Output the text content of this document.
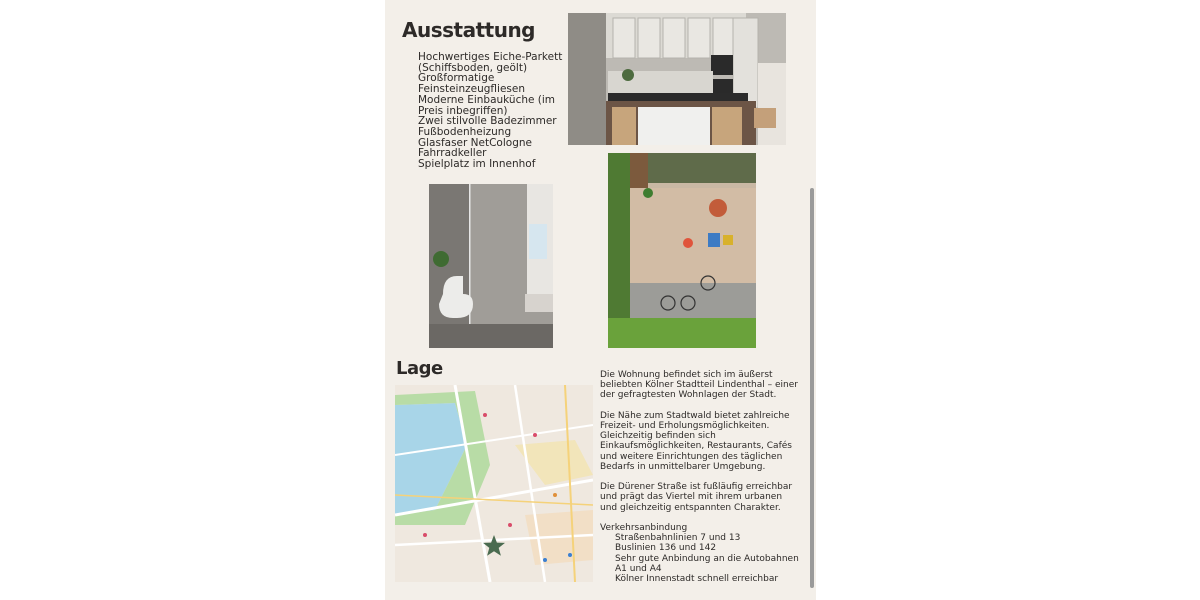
Ausstattung
Hochwertiges Eiche-Parkett (Schiffsboden, geölt)
Großformatige Feinsteinzeugfliesen
Moderne Einbauküche (im Preis inbegriffen)
Zwei stilvolle Badezimmer
Fußbodenheizung
Glasfaser NetCologne
Fahrradkeller
Spielplatz im Innenhof
Lage	Die Wohnung befindet sich im äußerst beliebten Kölner Stadtteil Lindenthal – einer der gefragtesten Wohnlagen der Stadt.

Die Nähe zum Stadtwald bietet zahlreiche Freizeit- und Erholungsmöglichkeiten. Gleichzeitig befinden sich Einkaufsmöglichkeiten, Restaurants, Cafés und weitere Einrichtungen des täglichen Bedarfs in unmittelbarer Umgebung.

Die Dürener Straße ist fußläufig erreichbar und prägt das Viertel mit ihrem urbanen und gleichzeitig entspannten Charakter.

Verkehrsanbindung
Straßenbahnlinien 7 und 13
Buslinien 136 und 142
Sehr gute Anbindung an die Autobahnen A1 und A4
Kölner Innenstadt schnell erreichbar
